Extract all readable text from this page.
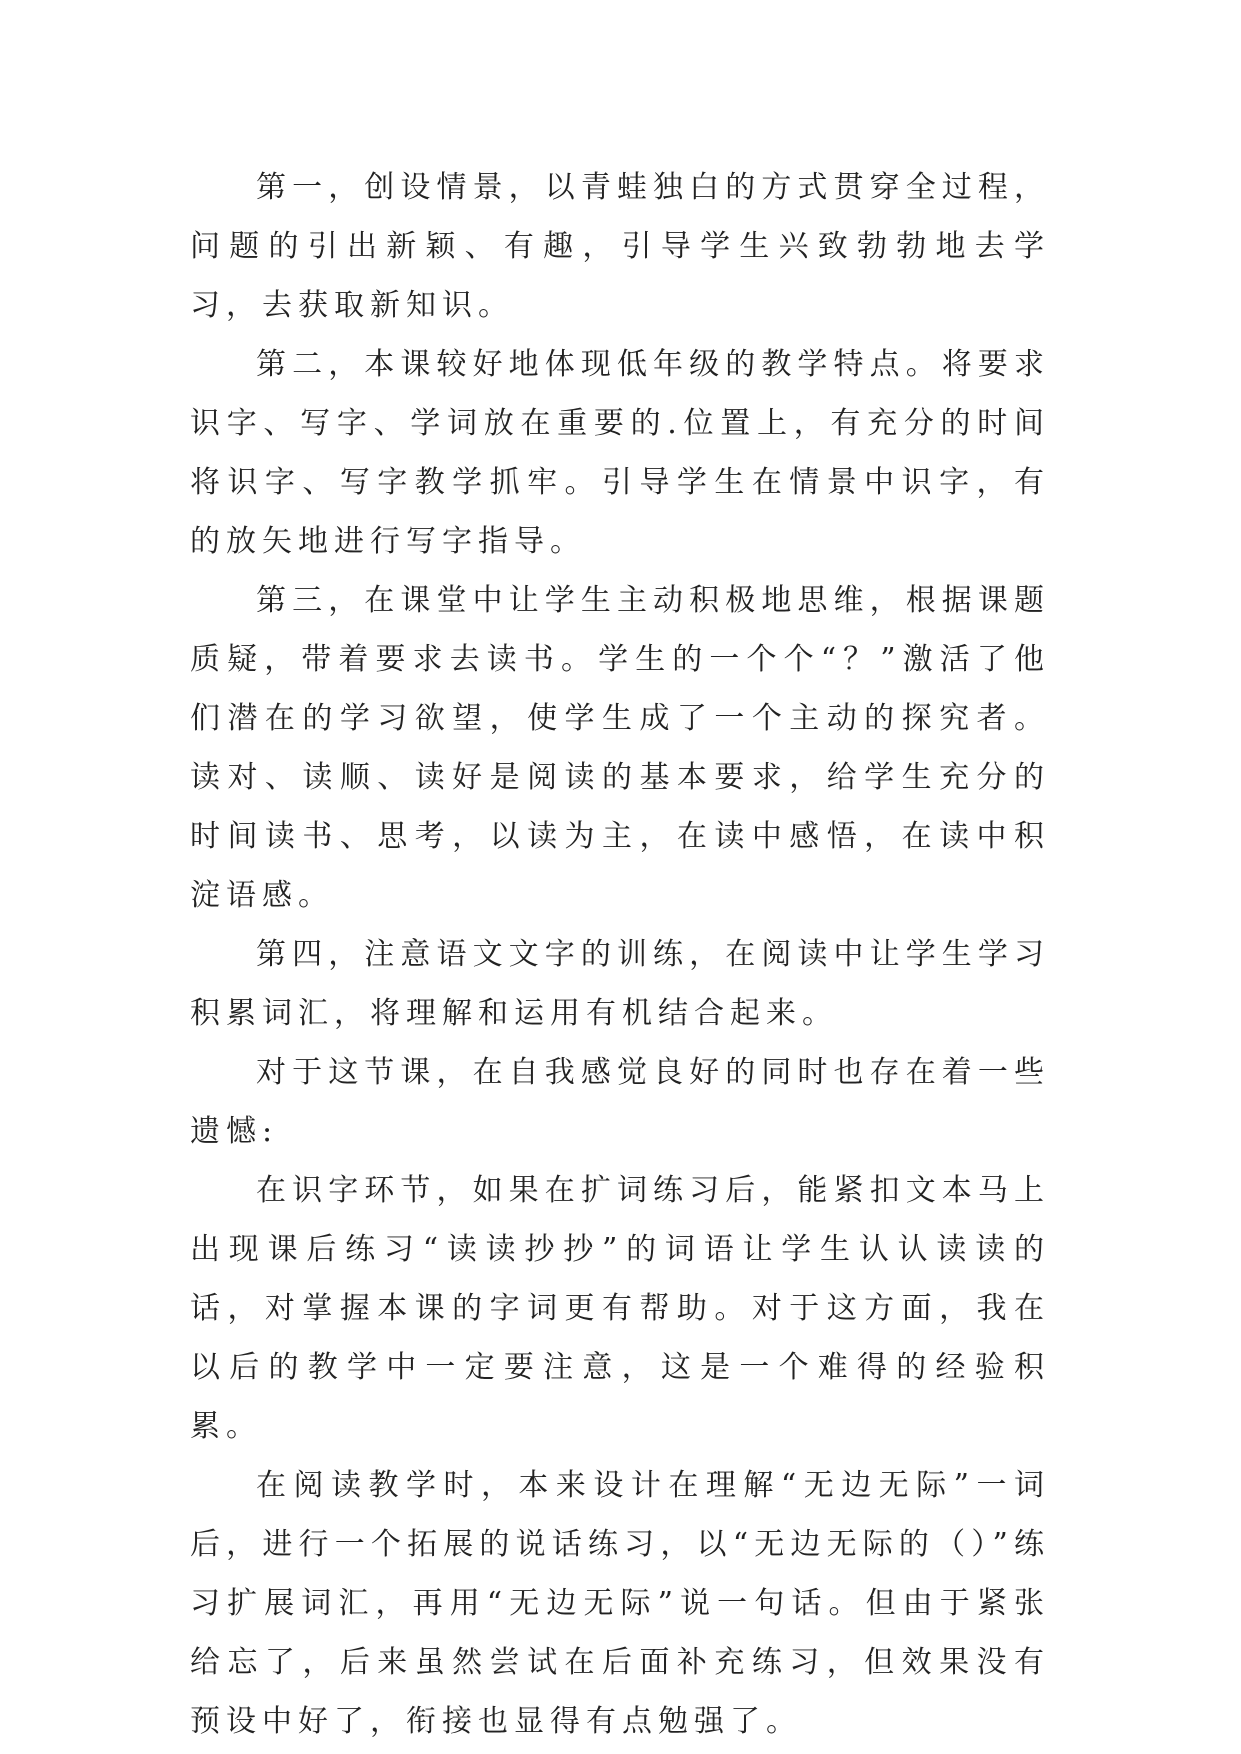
第一，创设情景，以青蛙独白的方式贯穿全过程，问题的引出新颖、有趣，引导学生兴致勃勃地去学习，去获取新知识。

第二，本课较好地体现低年级的教学特点。将要求识字、写字、学词放在重要的.位置上，有充分的时间将识字、写字教学抓牢。引导学生在情景中识字，有的放矢地进行写字指导。

第三，在课堂中让学生主动积极地思维，根据课题质疑，带着要求去读书。学生的一个个“？”激活了他们潜在的学习欲望，使学生成了一个主动的探究者。读对、读顺、读好是阅读的基本要求，给学生充分的时间读书、思考，以读为主，在读中感悟，在读中积淀语感。

第四，注意语文文字的训练，在阅读中让学生学习积累词汇，将理解和运用有机结合起来。

对于这节课，在自我感觉良好的同时也存在着一些遗憾:

在识字环节，如果在扩词练习后，能紧扣文本马上出现课后练习“读读抄抄”的词语让学生认认读读的话，对掌握本课的字词更有帮助。对于这方面，我在以后的教学中一定要注意，这是一个难得的经验积累。

在阅读教学时，本来设计在理解“无边无际”一词后，进行一个拓展的说话练习，以“无边无际的（）”练习扩展词汇，再用“无边无际”说一句话。但由于紧张给忘了，后来虽然尝试在后面补充练习，但效果没有预设中好了，衔接也显得有点勉强了。
